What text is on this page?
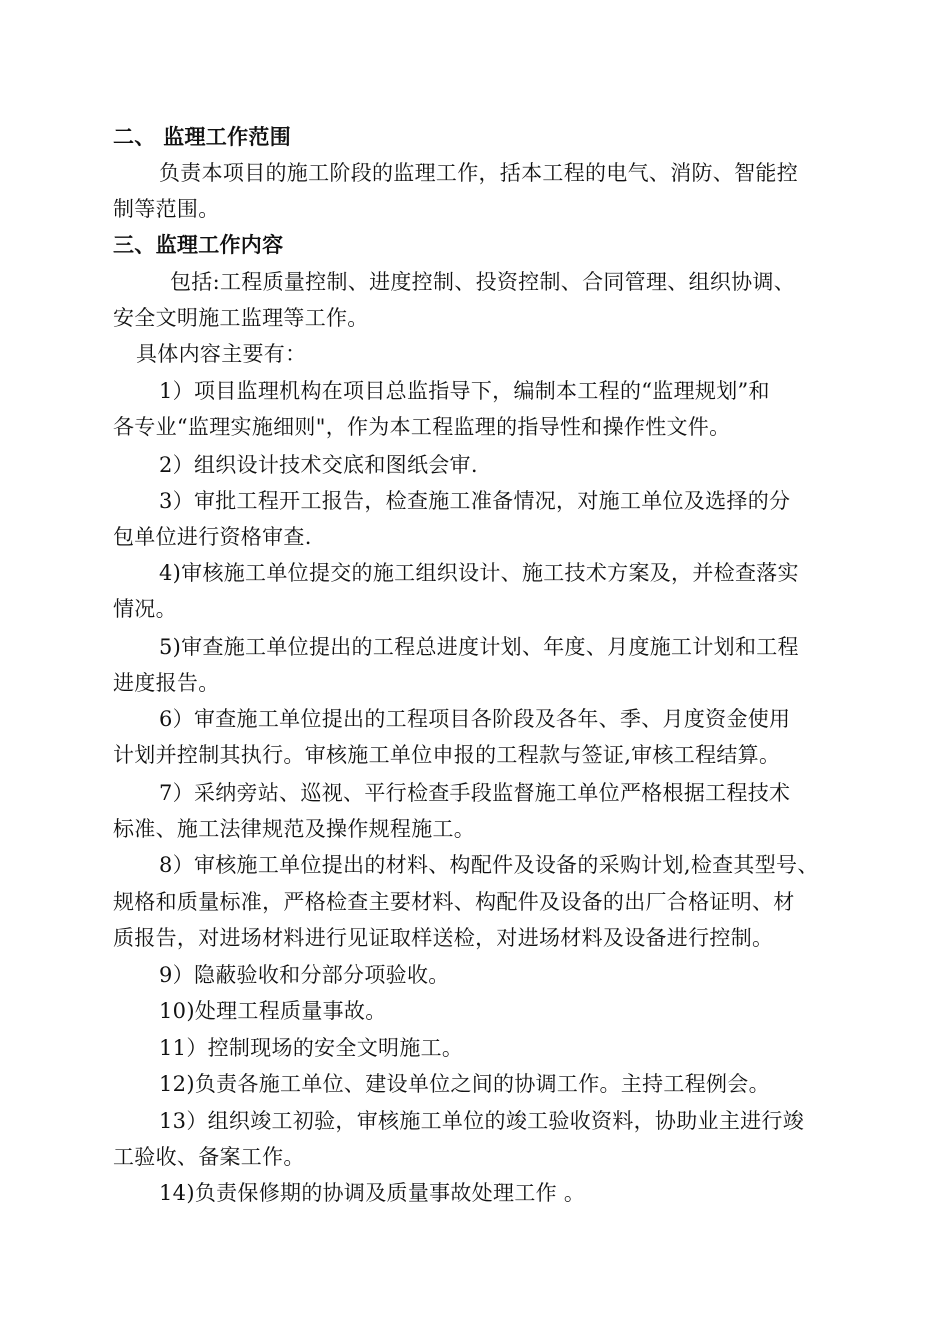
二、 监理工作范围
负责本项目的施工阶段的监理工作，括本工程的电气、消防、智能控
制等范围。
三、监理工作内容
包括:工程质量控制、进度控制、投资控制、合同管理、组织协调、
安全文明施工监理等工作。
具体内容主要有：
1）项目监理机构在项目总监指导下，编制本工程的“监理规划”和
各专业“监理实施细则"，作为本工程监理的指导性和操作性文件。
2）组织设计技术交底和图纸会审.
3）审批工程开工报告，检查施工准备情况，对施工单位及选择的分
包单位进行资格审查.
4)审核施工单位提交的施工组织设计、施工技术方案及，并检查落实
情况。
5)审查施工单位提出的工程总进度计划、年度、月度施工计划和工程
进度报告。
6）审查施工单位提出的工程项目各阶段及各年、季、月度资金使用
计划并控制其执行。审核施工单位申报的工程款与签证,审核工程结算。
7）采纳旁站、巡视、平行检查手段监督施工单位严格根据工程技术
标准、施工法律规范及操作规程施工。
8）审核施工单位提出的材料、构配件及设备的采购计划,检查其型号、
规格和质量标准，严格检查主要材料、构配件及设备的出厂合格证明、材
质报告，对进场材料进行见证取样送检，对进场材料及设备进行控制。
9）隐蔽验收和分部分项验收。
10)处理工程质量事故。
11）控制现场的安全文明施工。
12)负责各施工单位、建设单位之间的协调工作。主持工程例会。
13）组织竣工初验，审核施工单位的竣工验收资料，协助业主进行竣
工验收、备案工作。
14)负责保修期的协调及质量事故处理工作 。
